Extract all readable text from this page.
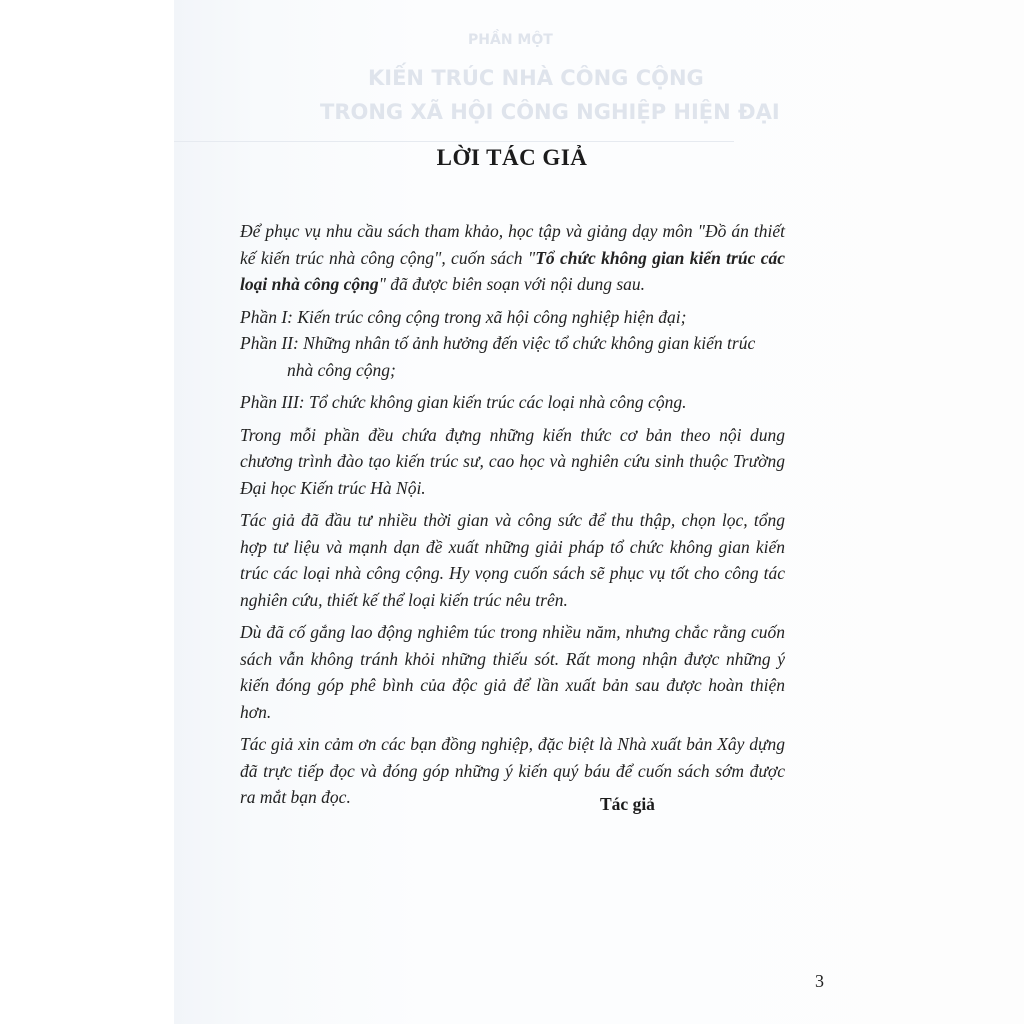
PHẦN MỘT
KIẾN TRÚC NHÀ CÔNG CỘNG
TRONG XÃ HỘI CÔNG NGHIỆP HIỆN ĐẠI
LỜI TÁC GIẢ

Để phục vụ nhu cầu sách tham khảo, học tập và giảng dạy môn "Đồ án thiết kế kiến trúc nhà công cộng", cuốn sách "Tổ chức không gian kiến trúc các loại nhà công cộng" đã được biên soạn với nội dung sau.

Phần I: Kiến trúc công cộng trong xã hội công nghiệp hiện đại;

Phần II: Những nhân tố ảnh hưởng đến việc tổ chức không gian kiến trúc

nhà công cộng;

Phần III: Tổ chức không gian kiến trúc các loại nhà công cộng.

Trong mỗi phần đều chứa đựng những kiến thức cơ bản theo nội dung chương trình đào tạo kiến trúc sư, cao học và nghiên cứu sinh thuộc Trường Đại học Kiến trúc Hà Nội.

Tác giả đã đầu tư nhiều thời gian và công sức để thu thập, chọn lọc, tổng hợp tư liệu và mạnh dạn đề xuất những giải pháp tổ chức không gian kiến trúc các loại nhà công cộng. Hy vọng cuốn sách sẽ phục vụ tốt cho công tác nghiên cứu, thiết kế thể loại kiến trúc nêu trên.

Dù đã cố gắng lao động nghiêm túc trong nhiều năm, nhưng chắc rằng cuốn sách vẫn không tránh khỏi những thiếu sót. Rất mong nhận được những ý kiến đóng góp phê bình của độc giả để lần xuất bản sau được hoàn thiện hơn.

Tác giả xin cảm ơn các bạn đồng nghiệp, đặc biệt là Nhà xuất bản Xây dựng đã trực tiếp đọc và đóng góp những ý kiến quý báu để cuốn sách sớm được ra mắt bạn đọc.	Tác giả
3
